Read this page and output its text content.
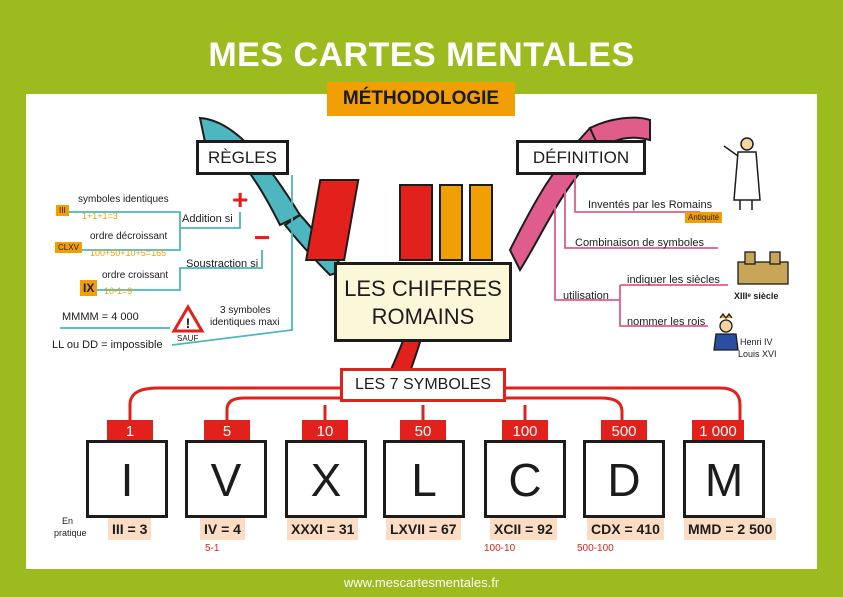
MES CARTES MENTALES
!
MÉTHODOLOGIE
RÈGLES
+
−
Addition si
symboles identiques
III
1+1+1=3
ordre décroissant
CLXV
100+50+10+5=165
Soustraction si
ordre croissant
IX	10-1=9
3 symboles
identiques maxi
MMMM = 4 000
SAUF
LL ou DD = impossible
LES CHIFFRES
ROMAINS
DÉFINITION
Inventés par les Romains
Antiquité
Combinaison de symboles
utilisation
indiquer les siècles
XIIIᵉ siècle
nommer les rois
Henri IV
Louis XVI
LES 7 SYMBOLES
1
I
5
V
10
X
50
L
100
C
500
D
1 000
M
En
pratique III = 3	IV = 4
5-1
XXXI = 31	LXVII = 67	XCII = 92
100-10
CDX = 410
500-100
MMD = 2 500
www.mescartesmentales.fr
